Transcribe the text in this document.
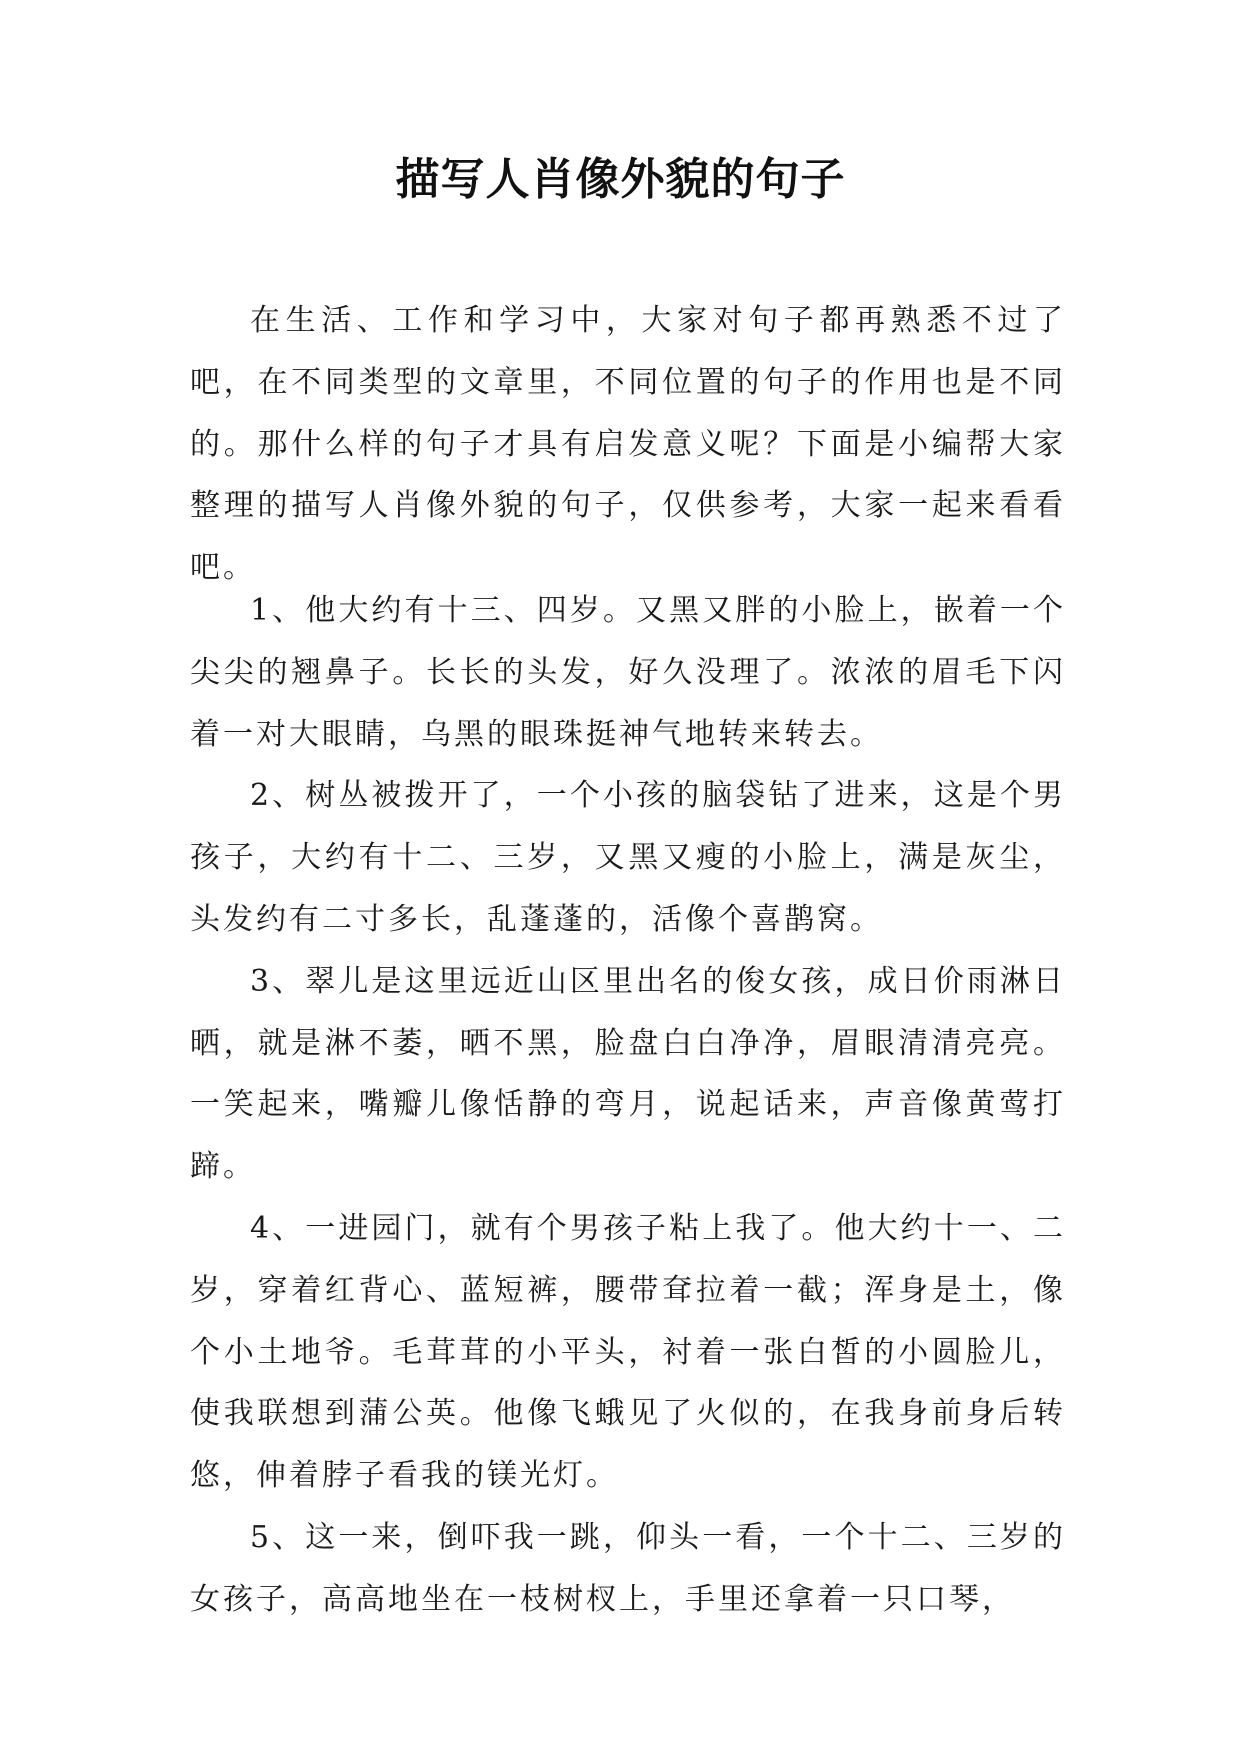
描写人肖像外貌的句子

在生活、工作和学习中，大家对句子都再熟悉不过了吧，在不同类型的文章里，不同位置的句子的作用也是不同的。那什么样的句子才具有启发意义呢？下面是小编帮大家整理的描写人肖像外貌的句子，仅供参考，大家一起来看看吧。

1、他大约有十三、四岁。又黑又胖的小脸上，嵌着一个尖尖的翘鼻子。长长的头发，好久没理了。浓浓的眉毛下闪着一对大眼睛，乌黑的眼珠挺神气地转来转去。

2、树丛被拨开了，一个小孩的脑袋钻了进来，这是个男孩子，大约有十二、三岁，又黑又瘦的小脸上，满是灰尘，头发约有二寸多长，乱蓬蓬的，活像个喜鹊窝。

3、翠儿是这里远近山区里出名的俊女孩，成日价雨淋日晒，就是淋不萎，晒不黑，脸盘白白净净，眉眼清清亮亮。一笑起来，嘴瓣儿像恬静的弯月，说起话来，声音像黄莺打蹄。

4、一进园门，就有个男孩子粘上我了。他大约十一、二岁，穿着红背心、蓝短裤，腰带耷拉着一截；浑身是土，像个小土地爷。毛茸茸的小平头，衬着一张白皙的小圆脸儿，使我联想到蒲公英。他像飞蛾见了火似的，在我身前身后转悠，伸着脖子看我的镁光灯。

5、这一来，倒吓我一跳，仰头一看，一个十二、三岁的女孩子，高高地坐在一枝树杈上，手里还拿着一只口琴，
